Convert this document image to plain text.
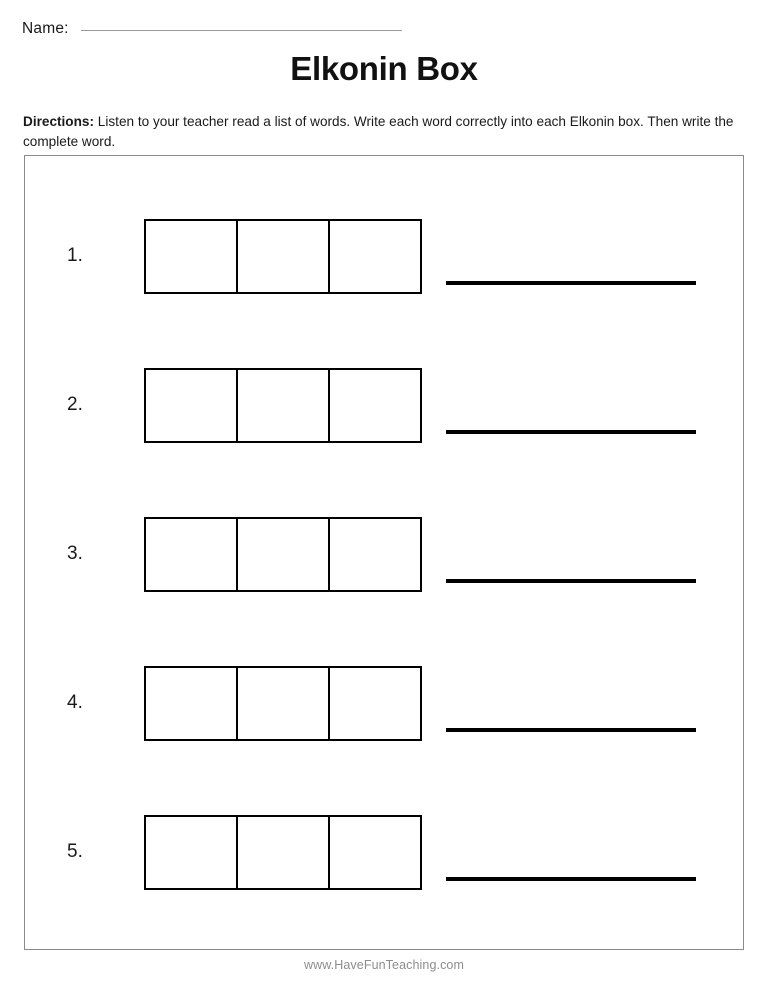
Name:
Elkonin Box
Directions: Listen to your teacher read a list of words. Write each word correctly into each Elkonin box. Then write the complete word.
1.
2.
3.
4.
5.
www.HaveFunTeaching.com
